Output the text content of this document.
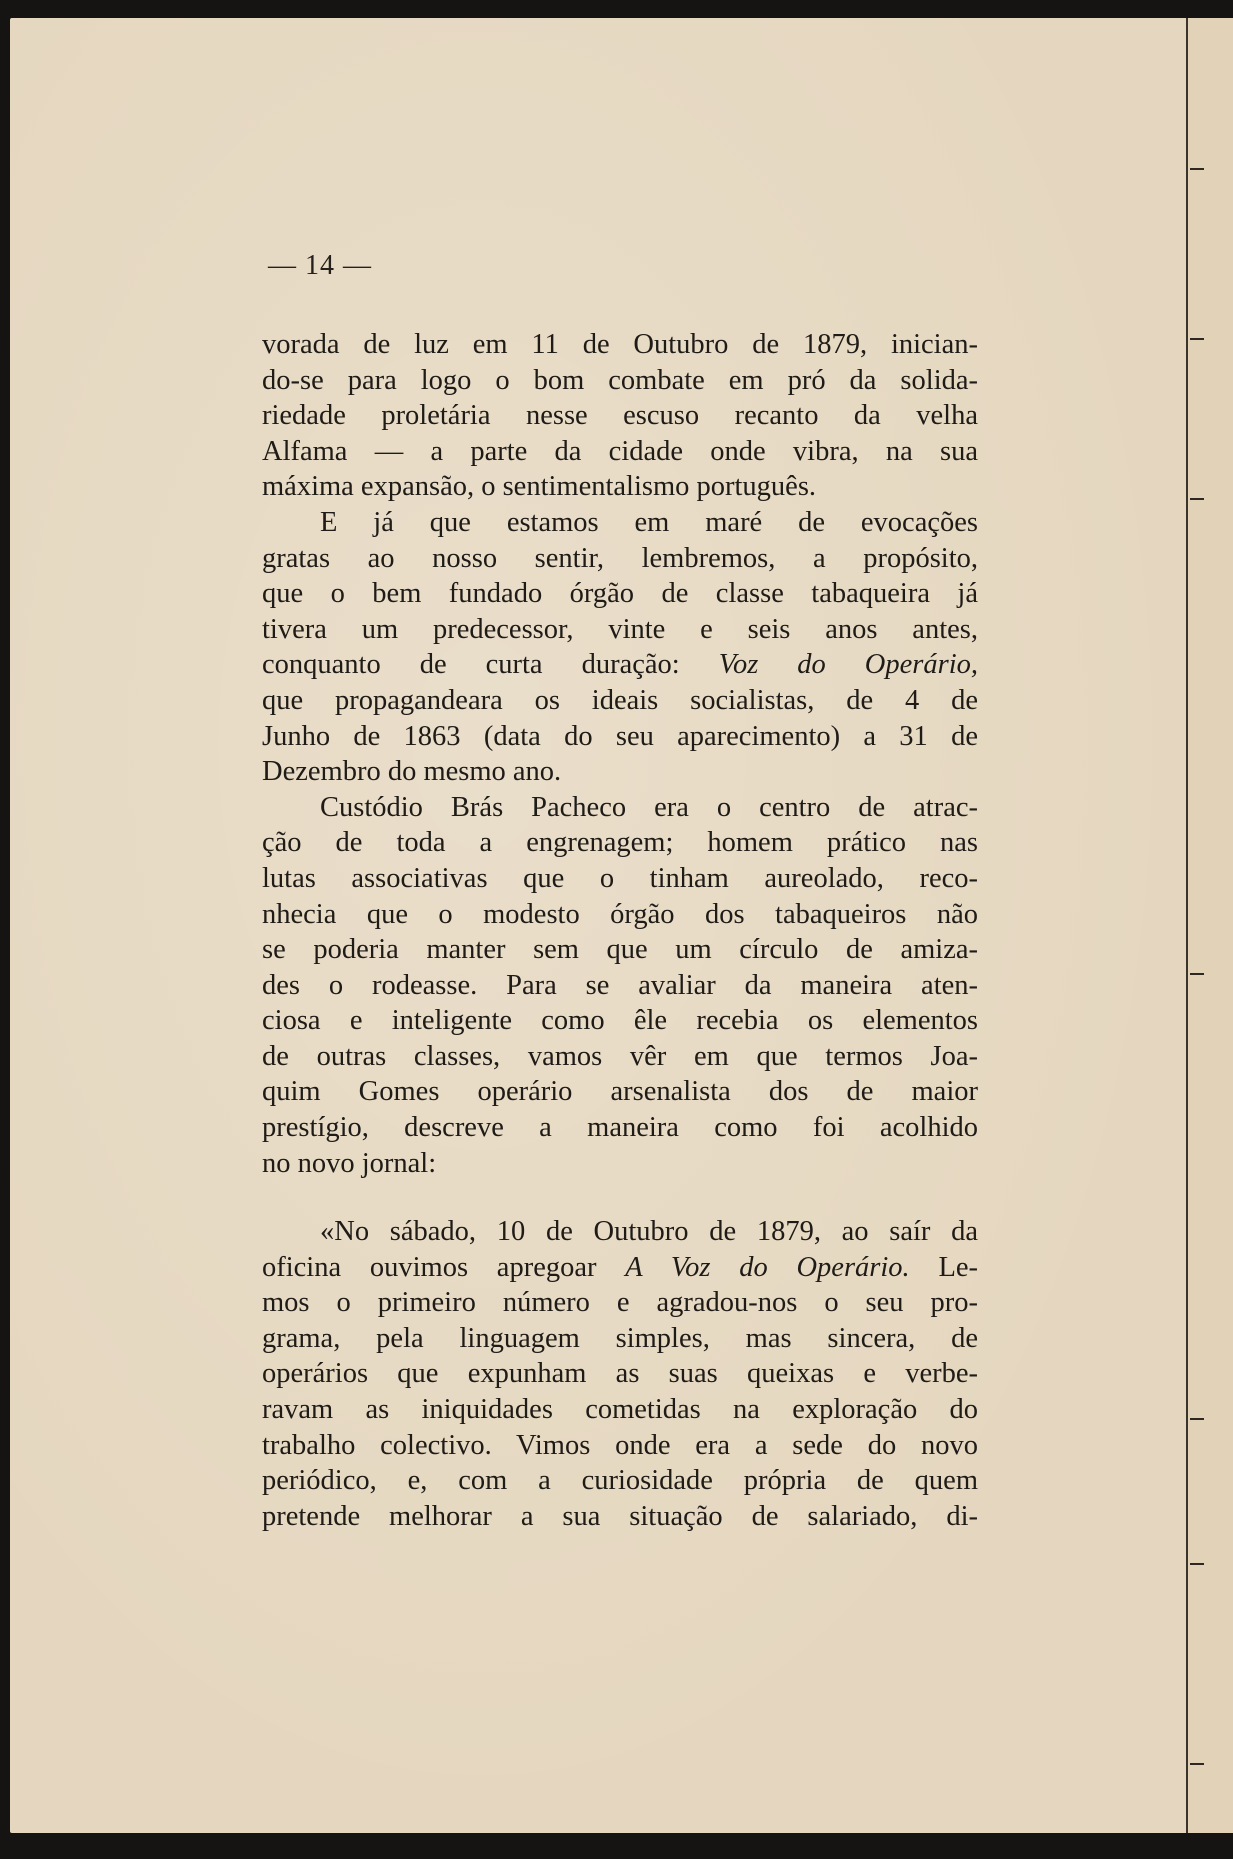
— 14 —
vorada de luz em 11 de Outubro de 1879, inician-
do-se para logo o bom combate em pró da solida-
riedade proletária nesse escuso recanto da velha
Alfama — a parte da cidade onde vibra, na sua
máxima expansão, o sentimentalismo português.
E já que estamos em maré de evocações
gratas ao nosso sentir, lembremos, a propósito,
que o bem fundado órgão de classe tabaqueira já
tivera um predecessor, vinte e seis anos antes,
conquanto de curta duração: Voz do Operário,
que propagandeara os ideais socialistas, de 4 de
Junho de 1863 (data do seu aparecimento) a 31 de
Dezembro do mesmo ano.
Custódio Brás Pacheco era o centro de atrac-
ção de toda a engrenagem; homem prático nas
lutas associativas que o tinham aureolado, reco-
nhecia que o modesto órgão dos tabaqueiros não
se poderia manter sem que um círculo de amiza-
des o rodeasse. Para se avaliar da maneira aten-
ciosa e inteligente como êle recebia os elementos
de outras classes, vamos vêr em que termos Joa-
quim Gomes operário arsenalista dos de maior
prestígio, descreve a maneira como foi acolhido
no novo jornal:
«No sábado, 10 de Outubro de 1879, ao saír da
oficina ouvimos apregoar A Voz do Operário. Le-
mos o primeiro número e agradou-nos o seu pro-
grama, pela linguagem simples, mas sincera, de
operários que expunham as suas queixas e verbe-
ravam as iniquidades cometidas na exploração do
trabalho colectivo. Vimos onde era a sede do novo
periódico, e, com a curiosidade própria de quem
pretende melhorar a sua situação de salariado, di-
